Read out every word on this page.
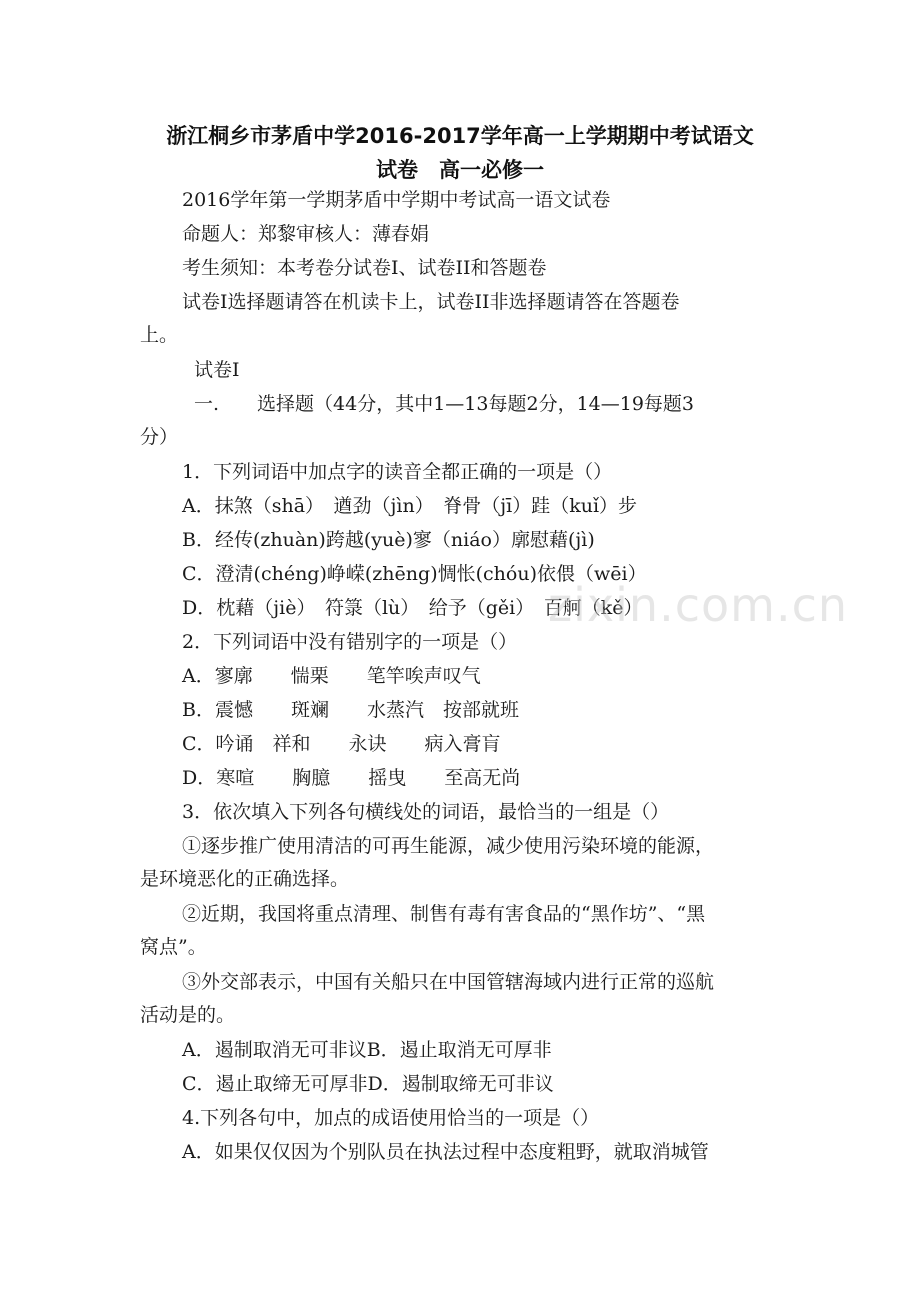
浙江桐乡市茅盾中学2016-2017学年高一上学期期中考试语文
试卷　高一必修一
2016学年第一学期茅盾中学期中考试高一语文试卷
命题人：郑黎审核人：薄春娟
考生须知：本考卷分试卷I、试卷II和答题卷
试卷I选择题请答在机读卡上，试卷II非选择题请答在答题卷
上。
试卷I
一.　　选择题（44分，其中1—13每题2分，14—19每题3
分）
1．下列词语中加点字的读音全都正确的一项是（）
A．抹煞（shā）　遒劲（jìn）　脊骨（jī）跬（kuǐ）步
B．经传(zhuàn)跨越(yuè)寥（niáo）廓慰藉(jì)
C．澄清(chéng)峥嵘(zhēng)惆怅(chóu)依偎（wēi）
D．枕藉（jiè）　符箓（lù）　给予（gěi）　百舸（kě）
2．下列词语中没有错别字的一项是（）
A．寥廓　　惴栗　　笔竿唉声叹气
B．震憾　　斑斓　　水蒸汽　按部就班
C．吟诵　祥和　　永诀　　病入膏肓
D．寒喧　　胸臆　　摇曳　　至高无尚
3．依次填入下列各句横线处的词语，最恰当的一组是（）
①逐步推广使用清洁的可再生能源，减少使用污染环境的能源，
是环境恶化的正确选择。
②近期，我国将重点清理、制售有毒有害食品的“黑作坊”、“黑
窝点”。
③外交部表示，中国有关船只在中国管辖海域内进行正常的巡航
活动是的。
A．遏制取消无可非议B．遏止取消无可厚非
C．遏止取缔无可厚非D．遏制取缔无可非议
4.下列各句中，加点的成语使用恰当的一项是（）
A．如果仅仅因为个别队员在执法过程中态度粗野，就取消城管
zixin.com.cn
